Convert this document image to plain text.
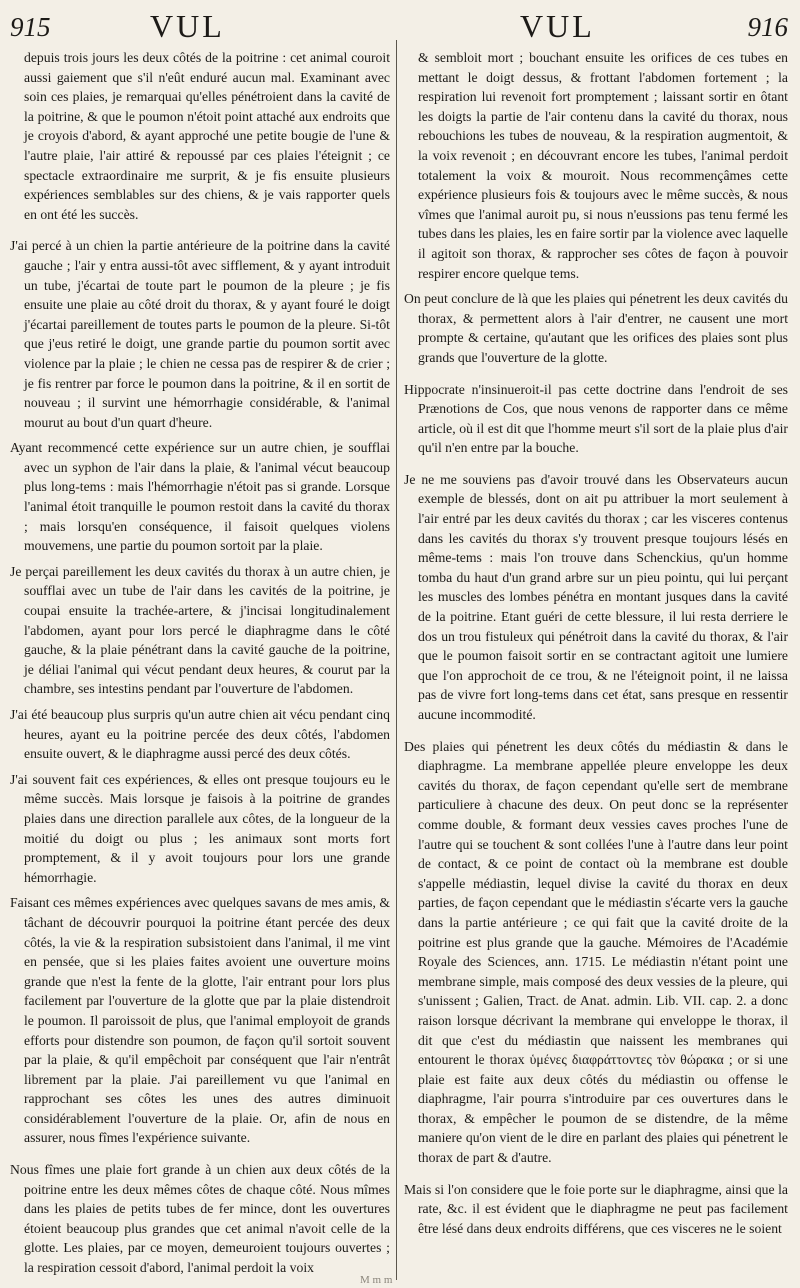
915	VUL	VUL	916

depuis trois jours les deux côtés de la poitrine : cet animal couroit aussi gaiement que s'il n'eût enduré aucun mal. Examinant avec soin ces plaies, je remarquai qu'elles pénétroient dans la cavité de la poitrine, & que le poumon n'étoit point attaché aux endroits que je croyois d'abord, & ayant approché une petite bougie de l'une & l'autre plaie, l'air attiré & repoussé par ces plaies l'éteignit ; ce spectacle extraordinaire me surprit, & je fis ensuite plusieurs expériences semblables sur des chiens, & je vais rapporter quels en ont été les succès.

J'ai percé à un chien la partie antérieure de la poitrine dans la cavité gauche ; l'air y entra aussi-tôt avec sifflement, & y ayant introduit un tube, j'écartai de toute part le poumon de la pleure ; je fis ensuite une plaie au côté droit du thorax, & y ayant fouré le doigt j'écartai pareillement de toutes parts le poumon de la pleure. Si-tôt que j'eus retiré le doigt, une grande partie du poumon sortit avec violence par la plaie ; le chien ne cessa pas de respirer & de crier ; je fis rentrer par force le poumon dans la poitrine, & il en sortit de nouveau ; il survint une hémorrhagie considérable, & l'animal mourut au bout d'un quart d'heure.

Ayant recommencé cette expérience sur un autre chien, je soufflai avec un syphon de l'air dans la plaie, & l'animal vécut beaucoup plus long-tems : mais l'hémorrhagie n'étoit pas si grande. Lorsque l'animal étoit tranquille le poumon restoit dans la cavité du thorax ; mais lorsqu'en conséquence, il faisoit quelques violens mouvemens, une partie du poumon sortoit par la plaie.

Je perçai pareillement les deux cavités du thorax à un autre chien, je soufflai avec un tube de l'air dans les cavités de la poitrine, je coupai ensuite la trachée-artere, & j'incisai longitudinalement l'abdomen, ayant pour lors percé le diaphragme dans le côté gauche, & la plaie pénétrant dans la cavité gauche de la poitrine, je déliai l'animal qui vécut pendant deux heures, & courut par la chambre, ses intestins pendant par l'ouverture de l'abdomen.

J'ai été beaucoup plus surpris qu'un autre chien ait vécu pendant cinq heures, ayant eu la poitrine percée des deux côtés, l'abdomen ensuite ouvert, & le diaphragme aussi percé des deux côtés.

J'ai souvent fait ces expériences, & elles ont presque toujours eu le même succès. Mais lorsque je faisois à la poitrine de grandes plaies dans une direction parallele aux côtes, de la longueur de la moitié du doigt ou plus ; les animaux sont morts fort promptement, & il y avoit toujours pour lors une grande hémorrhagie.

Faisant ces mêmes expériences avec quelques savans de mes amis, & tâchant de découvrir pourquoi la poitrine étant percée des deux côtés, la vie & la respiration subsistoient dans l'animal, il me vint en pensée, que si les plaies faites avoient une ouverture moins grande que n'est la fente de la glotte, l'air entrant pour lors plus facilement par l'ouverture de la glotte que par la plaie distendroit le poumon. Il paroissoit de plus, que l'animal employoit de grands efforts pour distendre son poumon, de façon qu'il sortoit souvent par la plaie, & qu'il empêchoit par conséquent que l'air n'entrât librement par la plaie. J'ai pareillement vu que l'animal en rapprochant ses côtes les unes des autres diminuoit considérablement l'ouverture de la plaie. Or, afin de nous en assurer, nous fîmes l'expérience suivante.

Nous fîmes une plaie fort grande à un chien aux deux côtés de la poitrine entre les deux mêmes côtes de chaque côté. Nous mîmes dans les plaies de petits tubes de fer mince, dont les ouvertures étoient beaucoup plus grandes que cet animal n'avoit celle de la glotte. Les plaies, par ce moyen, demeuroient toujours ouvertes ; la respiration cessoit d'abord, l'animal perdoit la voix

& sembloit mort ; bouchant ensuite les orifices de ces tubes en mettant le doigt dessus, & frottant l'abdomen fortement ; la respiration lui revenoit fort promptement ; laissant sortir en ôtant les doigts la partie de l'air contenu dans la cavité du thorax, nous rebouchions les tubes de nouveau, & la respiration augmentoit, & la voix revenoit ; en découvrant encore les tubes, l'animal perdoit totalement la voix & mouroit. Nous recommençâmes cette expérience plusieurs fois & toujours avec le même succès, & nous vîmes que l'animal auroit pu, si nous n'eussions pas tenu fermé les tubes dans les plaies, les en faire sortir par la violence avec laquelle il agitoit son thorax, & rapprocher ses côtes de façon à pouvoir respirer encore quelque tems.

On peut conclure de là que les plaies qui pénetrent les deux cavités du thorax, & permettent alors à l'air d'entrer, ne causent une mort prompte & certaine, qu'autant que les orifices des plaies sont plus grands que l'ouverture de la glotte.

Hippocrate n'insinueroit-il pas cette doctrine dans l'endroit de ses Prænotions de Cos, que nous venons de rapporter dans ce même article, où il est dit que l'homme meurt s'il sort de la plaie plus d'air qu'il n'en entre par la bouche.

Je ne me souviens pas d'avoir trouvé dans les Observateurs aucun exemple de blessés, dont on ait pu attribuer la mort seulement à l'air entré par les deux cavités du thorax ; car les visceres contenus dans les cavités du thorax s'y trouvent presque toujours lésés en même-tems : mais l'on trouve dans Schenckius, qu'un homme tomba du haut d'un grand arbre sur un pieu pointu, qui lui perçant les muscles des lombes pénétra en montant jusques dans la cavité de la poitrine. Etant guéri de cette blessure, il lui resta derriere le dos un trou fistuleux qui pénétroit dans la cavité du thorax, & l'air que le poumon faisoit sortir en se contractant agitoit une lumiere que l'on approchoit de ce trou, & ne l'éteignoit point, il ne laissa pas de vivre fort long-tems dans cet état, sans presque en ressentir aucune incommodité.

Des plaies qui pénetrent les deux côtés du médiastin & dans le diaphragme. La membrane appellée pleure enveloppe les deux cavités du thorax, de façon cependant qu'elle sert de membrane particuliere à chacune des deux. On peut donc se la représenter comme double, & formant deux vessies caves proches l'une de l'autre qui se touchent & sont collées l'une à l'autre dans leur point de contact, & ce point de contact où la membrane est double s'appelle médiastin, lequel divise la cavité du thorax en deux parties, de façon cependant que le médiastin s'écarte vers la gauche dans la partie antérieure ; ce qui fait que la cavité droite de la poitrine est plus grande que la gauche. Mémoires de l'Académie Royale des Sciences, ann. 1715. Le médiastin n'étant point une membrane simple, mais composé des deux vessies de la pleure, qui s'unissent ; Galien, Tract. de Anat. admin. Lib. VII. cap. 2. a donc raison lorsque décrivant la membrane qui enveloppe le thorax, il dit que c'est du médiastin que naissent les membranes qui entourent le thorax ὑμένες διαφράττοντες τὸν θώρακα ; or si une plaie est faite aux deux côtés du médiastin ou offense le diaphragme, l'air pourra s'introduire par ces ouvertures dans le thorax, & empêcher le poumon de se distendre, de la même maniere qu'on vient de le dire en parlant des plaies qui pénetrent le thorax de part & d'autre.

Mais si l'on considere que le foie porte sur le diaphragme, ainsi que la rate, &c. il est évident que le diaphragme ne peut pas facilement être lésé dans deux endroits différens, que ces visceres ne le soient

M m m
